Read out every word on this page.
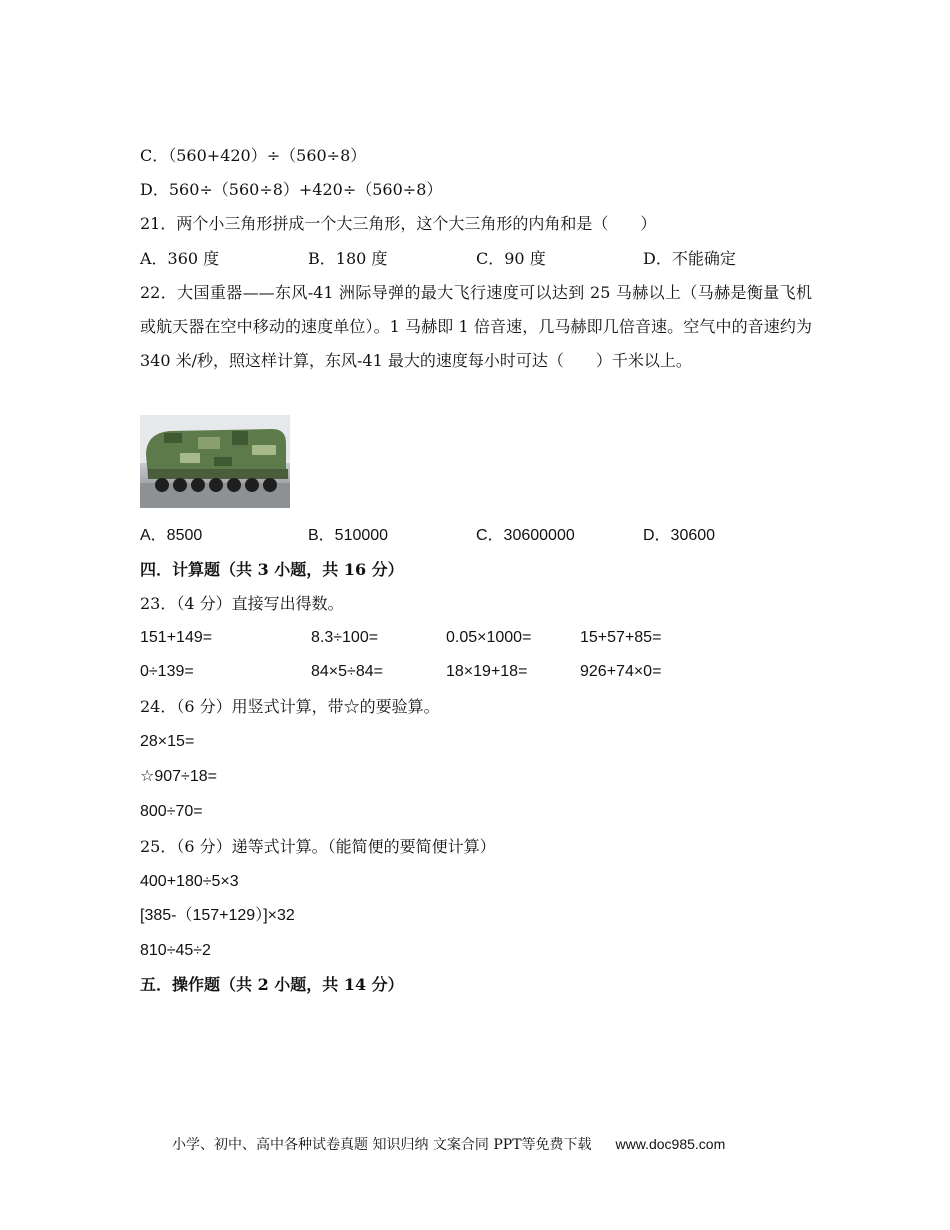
C．（560+420）÷（560÷8）
D．560÷（560÷8）+420÷（560÷8）
21．两个小三角形拼成一个大三角形，这个大三角形的内角和是（　　）
A．360 度	B．180 度	C．90 度	D．不能确定
22．大国重器——东风-41 洲际导弹的最大飞行速度可以达到 25 马赫以上（马赫是衡量飞机或航天器在空中移动的速度单位）。1 马赫即 1 倍音速，几马赫即几倍音速。空气中的音速约为 340 米/秒，照这样计算，东风-41 最大的速度每小时可达（　　）千米以上。
A．8500	B．510000	C．30600000	D．30600
四．计算题（共 3 小题，共 16 分）
23．（4 分）直接写出得数。
151+149=	8.3÷100=	0.05×1000=	15+57+85=
0÷139=	84×5÷84=	18×19+18=	926+74×0=
24．（6 分）用竖式计算，带☆的要验算。
28×15=
☆907÷18=
800÷70=
25．（6 分）递等式计算。（能简便的要简便计算）
400+180÷5×3
[385-（157+129）]×32
810÷45÷2
五．操作题（共 2 小题，共 14 分）
小学、初中、高中各种试卷真题 知识归纳 文案合同 PPT等免费下载 www.doc985.com
